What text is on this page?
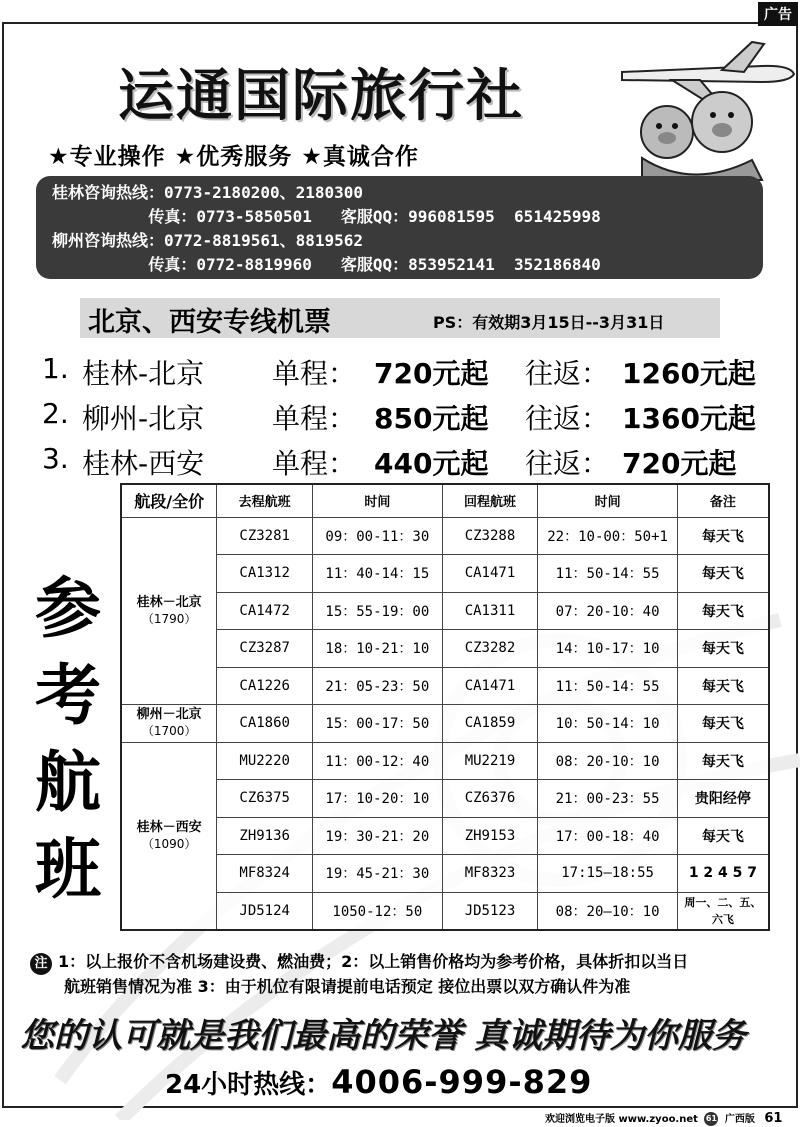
广告
运通国际旅行社
★专业操作 ★优秀服务 ★真诚合作
桂林咨询热线：0773-2180200、2180300
传真：0773-5850501   客服QQ：996081595  651425998
柳州咨询热线：0772-8819561、8819562
传真：0772-8819960   客服QQ：853952141  352186840
北京、西安专线机票	PS：有效期3月15日--3月31日
1. 桂林-北京 单程： 720元起 往返： 1260元起
2. 柳州-北京 单程： 850元起 往返： 1360元起
3. 桂林-西安 单程： 440元起 往返： 720元起
参
考
航
班
航段/全价	去程航班	时间	回程航班	时间	备注
桂林－北京
（1790）	CZ3281	09：00-11：30	CZ3288	22：10-00：50+1	每天飞
	CA1312	11：40-14：15	CA1471	11：50-14：55	每天飞
	CA1472	15：55-19：00	CA1311	07：20-10：40	每天飞
	CZ3287	18：10-21：10	CZ3282	14：10-17：10	每天飞
	CA1226	21：05-23：50	CA1471	11：50-14：55	每天飞
柳州－北京
（1700）	CA1860	15：00-17：50	CA1859	10：50-14：10	每天飞
桂林－西安
（1090）	MU2220	11：00-12：40	MU2219	08：20-10：10	每天飞
	CZ6375	17：10-20：10	CZ6376	21：00-23：55	贵阳经停
	ZH9136	19：30-21：20	ZH9153	17：00-18：40	每天飞
	MF8324	19：45-21：30	MF8323	17:15—18:55	1 2 4 5 7
	JD5124	1050-12：50	JD5123	08：20—10：10	周一、二、五、六飞
注 1：以上报价不含机场建设费、燃油费；2：以上销售价格均为参考价格，具体折扣以当日
航班销售情况为准 3：由于机位有限请提前电话预定 接位出票以双方确认件为准
您的认可就是我们最高的荣誉 真诚期待为你服务
24小时热线：4006-999-829
欢迎浏览电子版 www.zyoo.net 61 广西版 61
